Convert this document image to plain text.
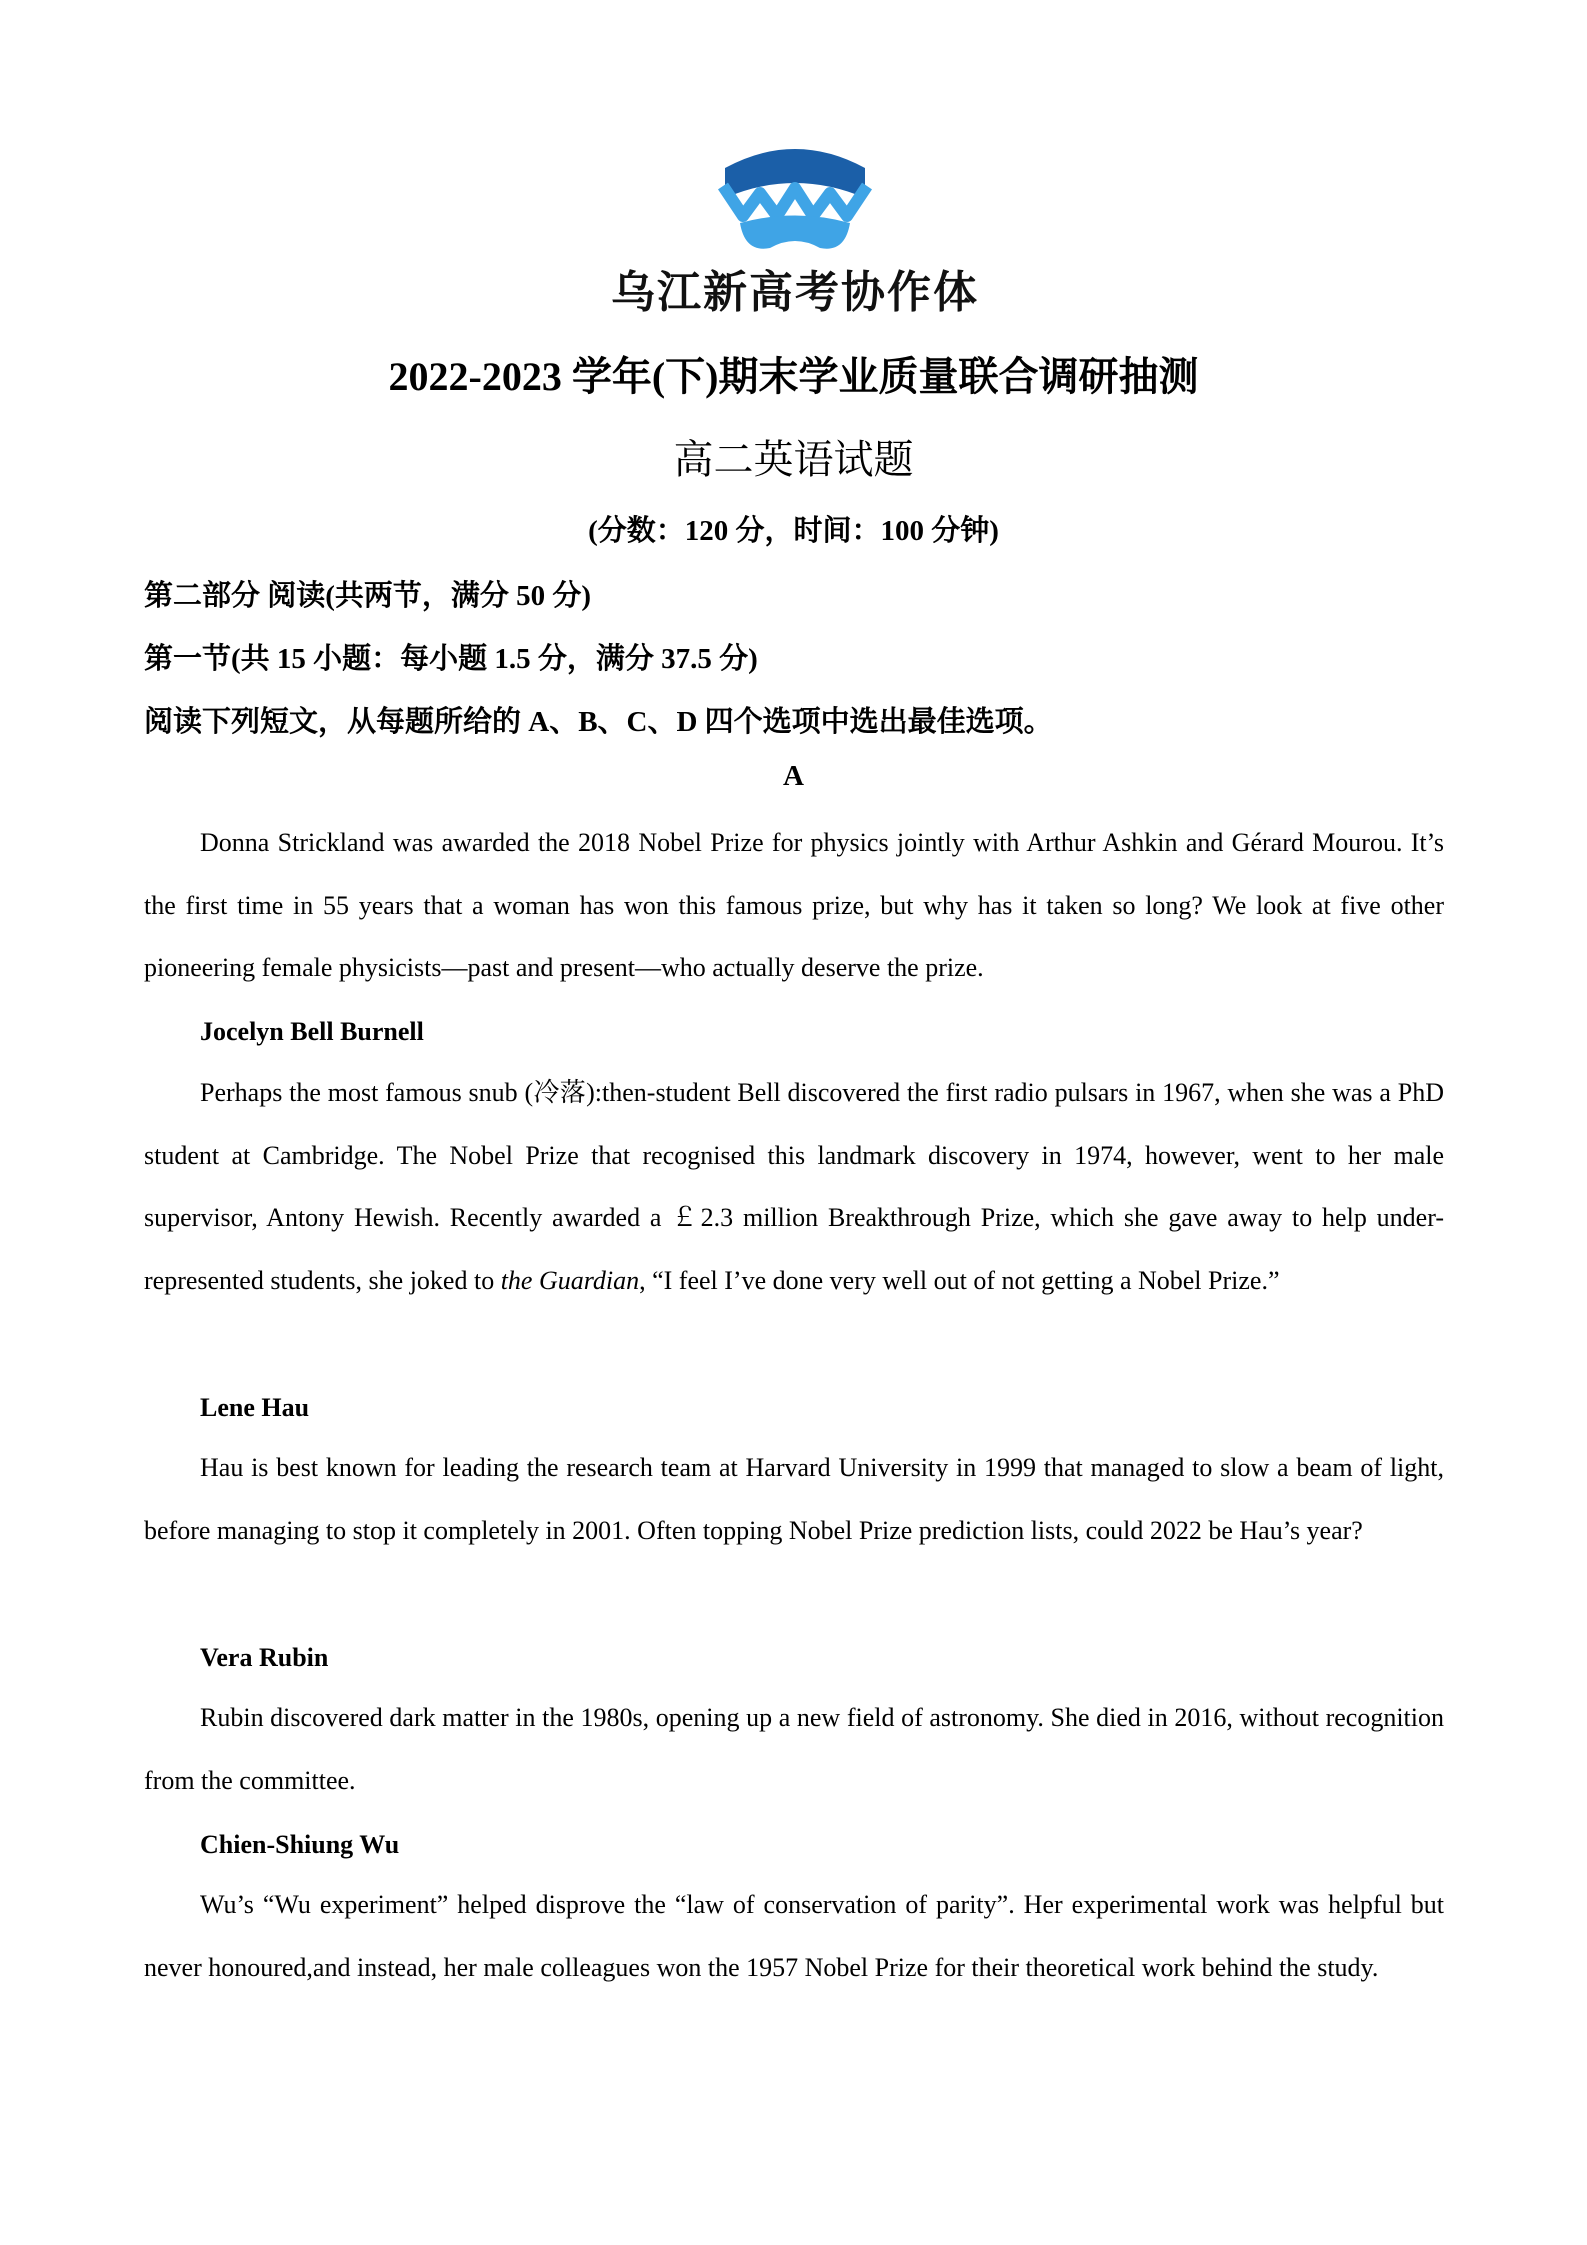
乌江新高考协作体
2022-2023 学年(下)期末学业质量联合调研抽测
高二英语试题
(分数：120 分，时间：100 分钟)
第二部分 阅读(共两节，满分 50 分)
第一节(共 15 小题：每小题 1.5 分，满分 37.5 分)
阅读下列短文，从每题所给的 A、B、C、D 四个选项中选出最佳选项。
A
Donna Strickland was awarded the 2018 Nobel Prize for physics jointly with Arthur Ashkin and Gérard Mourou. It’s the first time in 55 years that a woman has won this famous prize, but why has it taken so long? We look at five other pioneering female physicists—past and present—who actually deserve the prize.
Jocelyn Bell Burnell
Perhaps the most famous snub (冷落):then-student Bell discovered the first radio pulsars in 1967, when she was a PhD student at Cambridge. The Nobel Prize that recognised this landmark discovery in 1974, however, went to her male supervisor, Antony Hewish. Recently awarded a ￡2.3 million Breakthrough Prize, which she gave away to help under-represented students, she joked to the Guardian, “I feel I’ve done very well out of not getting a Nobel Prize.”
Lene Hau
Hau is best known for leading the research team at Harvard University in 1999 that managed to slow a beam of light, before managing to stop it completely in 2001. Often topping Nobel Prize prediction lists, could 2022 be Hau’s year?
Vera Rubin
Rubin discovered dark matter in the 1980s, opening up a new field of astronomy. She died in 2016, without recognition from the committee.
Chien-Shiung Wu
Wu’s “Wu experiment” helped disprove the “law of conservation of parity”. Her experimental work was helpful but never honoured,and instead, her male colleagues won the 1957 Nobel Prize for their theoretical work behind the study.
